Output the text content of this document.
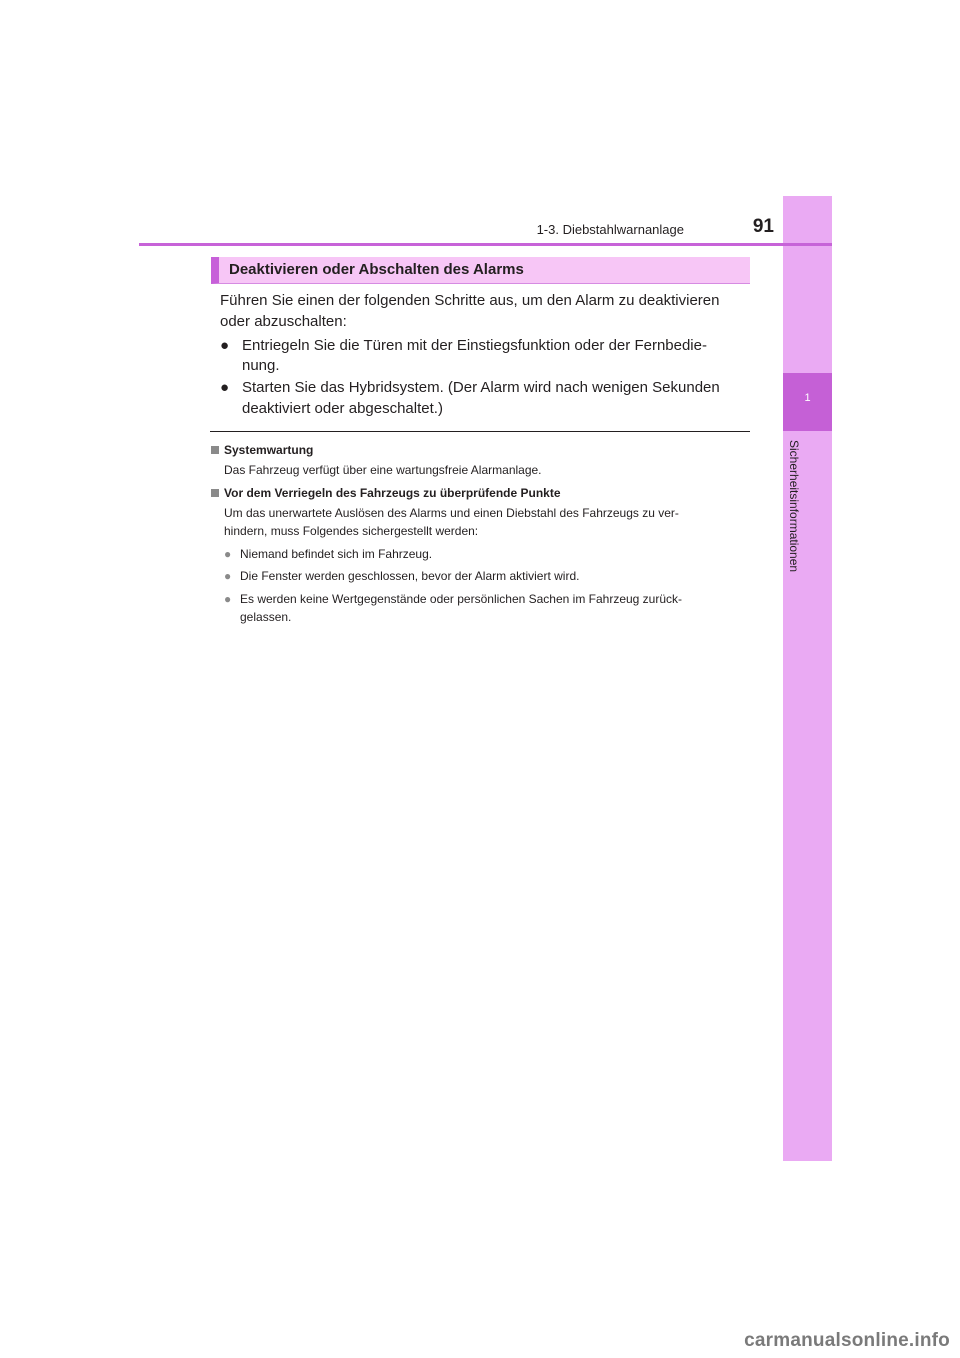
1
Sicherheitsinformationen
1-3. Diebstahlwarnanlage	91
Deaktivieren oder Abschalten des Alarms
Führen Sie einen der folgenden Schritte aus, um den Alarm zu deaktivieren
oder abzuschalten:
● Entriegeln Sie die Türen mit der Einstiegsfunktion oder der Fernbedie-
nung.
● Starten Sie das Hybridsystem. (Der Alarm wird nach wenigen Sekunden
deaktiviert oder abgeschaltet.)
Systemwartung
Das Fahrzeug verfügt über eine wartungsfreie Alarmanlage.
Vor dem Verriegeln des Fahrzeugs zu überprüfende Punkte
Um das unerwartete Auslösen des Alarms und einen Diebstahl des Fahrzeugs zu ver-
hindern, muss Folgendes sichergestellt werden:
● Niemand befindet sich im Fahrzeug.
● Die Fenster werden geschlossen, bevor der Alarm aktiviert wird.
● Es werden keine Wertgegenstände oder persönlichen Sachen im Fahrzeug zurück-
gelassen.
carmanualsonline.info
